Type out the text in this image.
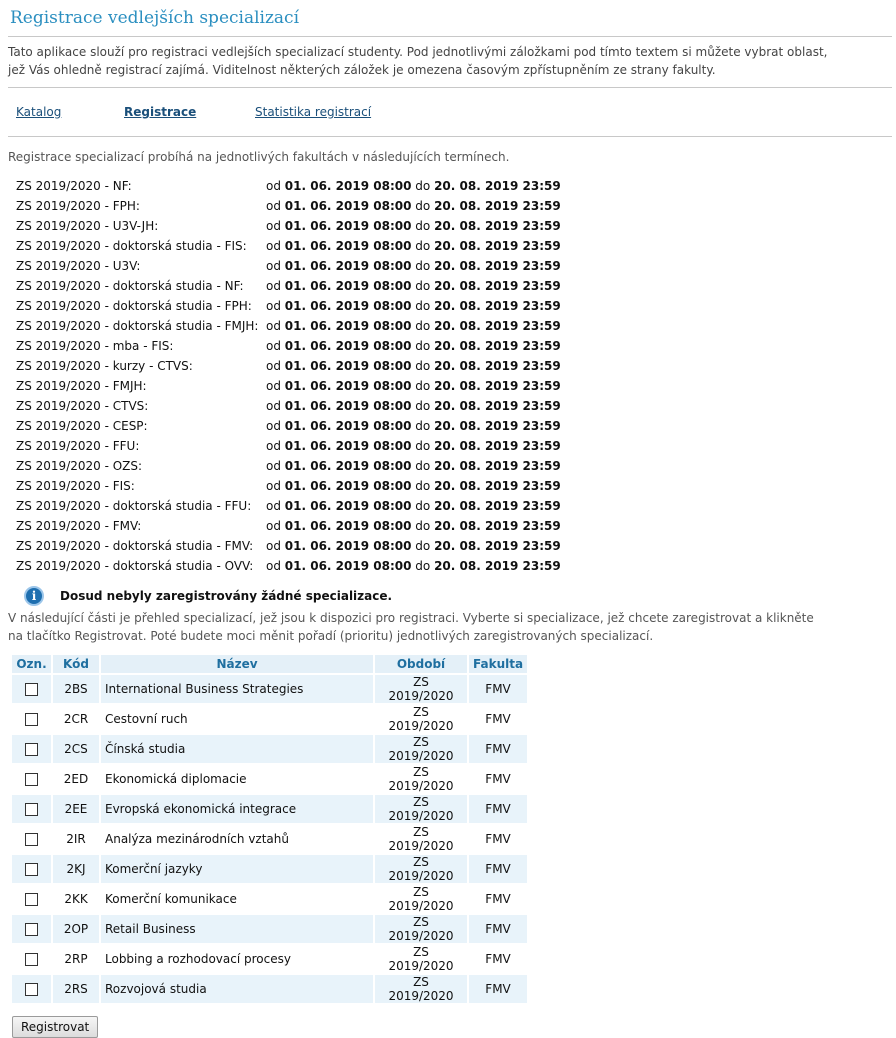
Registrace vedlejších specializací
Tato aplikace slouží pro registraci vedlejších specializací studenty. Pod jednotlivými záložkami pod tímto textem si můžete vybrat oblast, jež Vás ohledně registrací zajímá. Viditelnost některých záložek je omezena časovým zpřístupněním ze strany fakulty.
Katalog	Registrace	Statistika registrací
Registrace specializací probíhá na jednotlivých fakultách v následujících termínech.
ZS 2019/2020 - NF:	od 01. 06. 2019 08:00 do 20. 08. 2019 23:59
ZS 2019/2020 - FPH:	od 01. 06. 2019 08:00 do 20. 08. 2019 23:59
ZS 2019/2020 - U3V-JH:	od 01. 06. 2019 08:00 do 20. 08. 2019 23:59
ZS 2019/2020 - doktorská studia - FIS:	od 01. 06. 2019 08:00 do 20. 08. 2019 23:59
ZS 2019/2020 - U3V:	od 01. 06. 2019 08:00 do 20. 08. 2019 23:59
ZS 2019/2020 - doktorská studia - NF:	od 01. 06. 2019 08:00 do 20. 08. 2019 23:59
ZS 2019/2020 - doktorská studia - FPH:	od 01. 06. 2019 08:00 do 20. 08. 2019 23:59
ZS 2019/2020 - doktorská studia - FMJH: od 01. 06. 2019 08:00 do 20. 08. 2019 23:59
ZS 2019/2020 - mba - FIS:	od 01. 06. 2019 08:00 do 20. 08. 2019 23:59
ZS 2019/2020 - kurzy - CTVS:	od 01. 06. 2019 08:00 do 20. 08. 2019 23:59
ZS 2019/2020 - FMJH:	od 01. 06. 2019 08:00 do 20. 08. 2019 23:59
ZS 2019/2020 - CTVS:	od 01. 06. 2019 08:00 do 20. 08. 2019 23:59
ZS 2019/2020 - CESP:	od 01. 06. 2019 08:00 do 20. 08. 2019 23:59
ZS 2019/2020 - FFU:	od 01. 06. 2019 08:00 do 20. 08. 2019 23:59
ZS 2019/2020 - OZS:	od 01. 06. 2019 08:00 do 20. 08. 2019 23:59
ZS 2019/2020 - FIS:	od 01. 06. 2019 08:00 do 20. 08. 2019 23:59
ZS 2019/2020 - doktorská studia - FFU:	od 01. 06. 2019 08:00 do 20. 08. 2019 23:59
ZS 2019/2020 - FMV:	od 01. 06. 2019 08:00 do 20. 08. 2019 23:59
ZS 2019/2020 - doktorská studia - FMV:	od 01. 06. 2019 08:00 do 20. 08. 2019 23:59
ZS 2019/2020 - doktorská studia - OVV:	od 01. 06. 2019 08:00 do 20. 08. 2019 23:59
i	Dosud nebyly zaregistrovány žádné specializace.
V následující části je přehled specializací, jež jsou k dispozici pro registraci. Vyberte si specializace, jež chcete zaregistrovat a klikněte na tlačítko Registrovat. Poté budete moci měnit pořadí (prioritu) jednotlivých zaregistrovaných specializací.
Ozn.	Kód	Název	Období	Fakulta
	2BS	International Business Strategies	ZS 2019/2020	FMV
	2CR	Cestovní ruch	ZS 2019/2020	FMV
	2CS	Čínská studia	ZS 2019/2020	FMV
	2ED	Ekonomická diplomacie	ZS 2019/2020	FMV
	2EE	Evropská ekonomická integrace	ZS 2019/2020	FMV
	2IR	Analýza mezinárodních vztahů	ZS 2019/2020	FMV
	2KJ	Komerční jazyky	ZS 2019/2020	FMV
	2KK	Komerční komunikace	ZS 2019/2020	FMV
	2OP	Retail Business	ZS 2019/2020	FMV
	2RP	Lobbing a rozhodovací procesy	ZS 2019/2020	FMV
	2RS	Rozvojová studia	ZS 2019/2020	FMV
Registrovat
